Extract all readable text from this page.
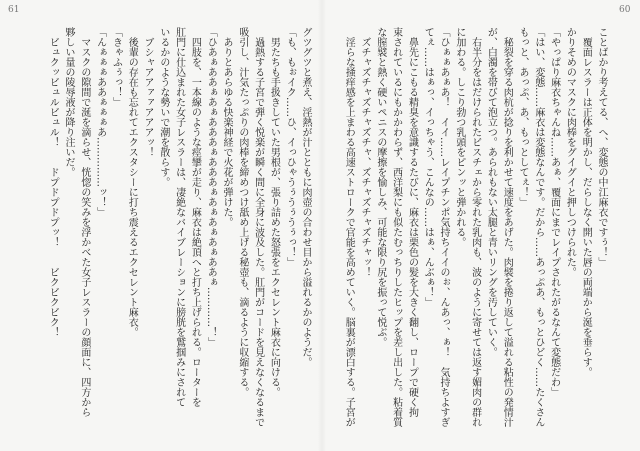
61	60
グツグツと煮え、淫熱が汁とともに肉壺の合わせ目から溢れるかのようだ。
「も、もぉイク……ひ、イっひゃうぅうぅうぅっ！」
　男たちも手扱きしていた男根が、張り詰めた怒張をエクセレント麻衣に向ける。
　過熱する子宮で弾く悦楽が瞬く間に全身に波及した。肛門がコードを見えなくなるまで
吸引し、汁気たっぷりの肉棒を締めつけ舐め上げる秘壺も、滴るように収縮する。
　ありとあらゆる快楽神経で火花が弾けた。
「ひあぁああぁあぁあああぁあああぁあぁあぁあぁああぁ…………！」
　四肢を、一本線のような痙攣が走り、麻衣は絶頂へと打ち上げられる。ローターを
肛門に仕込まれた女子レスラーは、凄絶なバイブレーションに膀胱を鷲掴みにされて
いるかのような勢いで潮を散らす。
　ブシャアアァァアアアッ！
　後輩の存在も忘れてエクスタシーに打ち震えるエクセレント麻衣。
「きゃふぅっ！」
「んぁぁぁああぁぁぁあ……………ッ！」
　マスクの隙間で涎を滴らせ、恍惚の笑みを浮かべた女子レスラーの顔面に、四方から
夥しい量の陵辱液が降り注いだ。
　ビュクッビュルビュル！　　ドプドプドプッ！　　ビクビクビク！	ことばかり考えてる、へ、変態の中江麻衣ですぅ！」
　覆面レスラーは正体を明かし、だらしなく開いた唇の両端から涎を垂らす。
かりそめのマスクに肉棒をグイグイと押しつけられた。
「やっぱり麻衣ちゃんね……あぁ、覆面にまでレイプされたがるなんて変態だわ」
「はい、変態……麻衣は変態なんです。だから……あっぷあ、もっとひどく……たくさん
もっと、あっぷ、あ、もっとしてぇ！」
　秘裂を穿る肉杭が捻りを利かせて速度をあげた。肉襞を捲り返して溢れる粘性の発情汁
が、白濁を帯びて泡立つ。あられもない太腿と青いリングを汚していく。
　右半分をはだけられたビスチェから零れた乳肉も、波のように寄せては返す媚肉の群れ
に加わる。しこり勃つ乳頭をピンッと弾かれる。
「ひぁぁあぁあ！　イイ……レイプチンポ気持ちイイのぉ、んあっ、ぁ！　気持ちよすぎ
てぇ……はぁっ、イっちゃう、こんなの……はぁ、んぶぁ！」
　鼻先にこもる精臭を意識するたびに、麻衣は栗色の髪を大きく翻し、ロープで硬く拘
束されているにもかかわらず、西洋梨にも似たむっちりしたヒップを差し出した。粘着質
な膣襞と熱く硬いペニスの摩擦を愉しみ、可能な限り尻を振って悦ぶ。
　ズチャズチャズチャズチャ、ズチャズチャズチャッ！
　淫らな掻痒感を上まわる高速ストロークで官能を高めていく。脳裏が漂白する。子宮が
